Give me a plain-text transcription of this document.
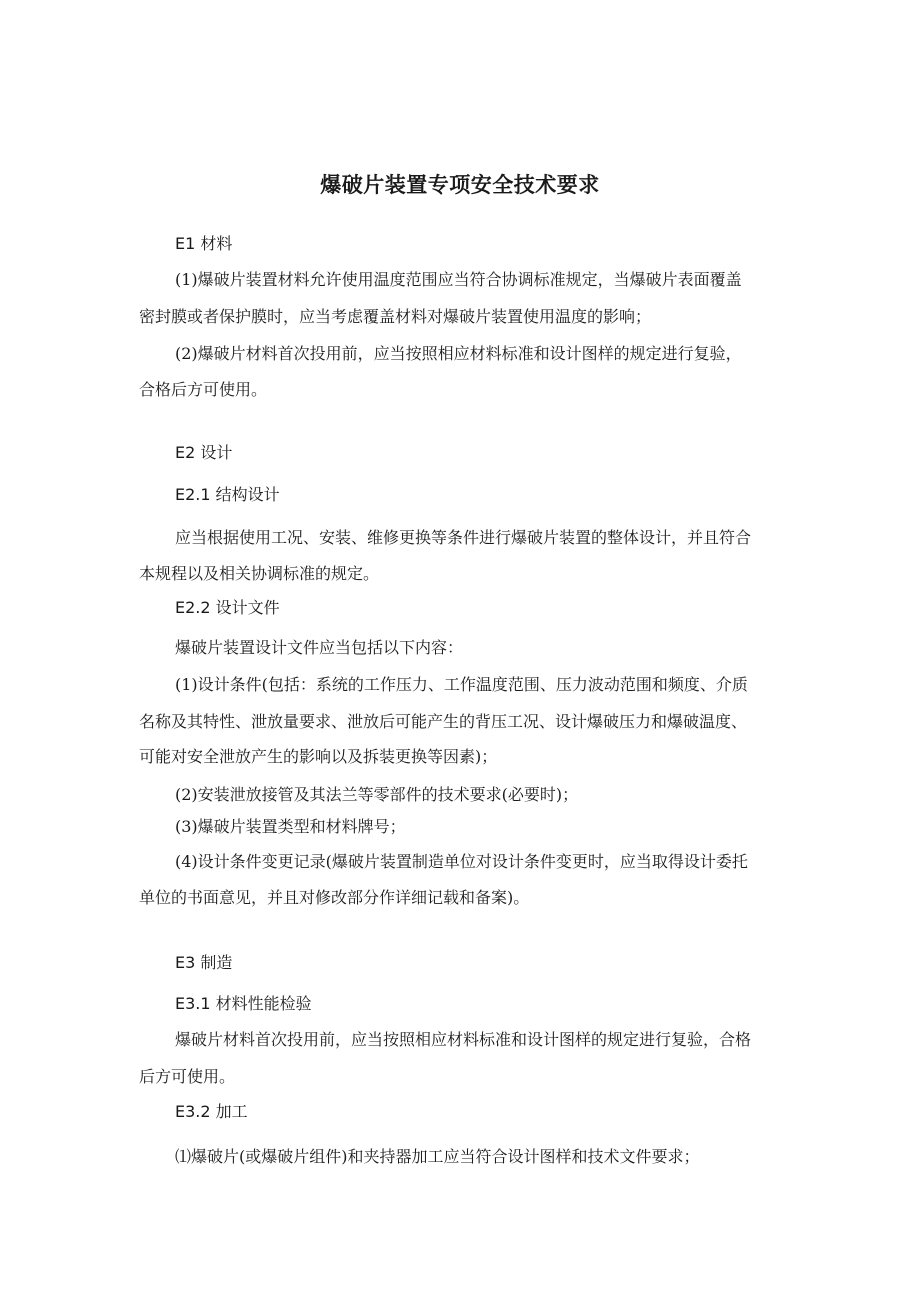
爆破片装置专项安全技术要求
E1 材料
(1)爆破片装置材料允许使用温度范围应当符合协调标准规定，当爆破片表面覆盖
密封膜或者保护膜时，应当考虑覆盖材料对爆破片装置使用温度的影响；
(2)爆破片材料首次投用前，应当按照相应材料标准和设计图样的规定进行复验，
合格后方可使用。
E2 设计
E2.1 结构设计
应当根据使用工况、安装、维修更换等条件进行爆破片装置的整体设计，并且符合
本规程以及相关协调标准的规定。
E2.2 设计文件
爆破片装置设计文件应当包括以下内容：
(1)设计条件(包括：系统的工作压力、工作温度范围、压力波动范围和频度、介质
名称及其特性、泄放量要求、泄放后可能产生的背压工况、设计爆破压力和爆破温度、
可能对安全泄放产生的影响以及拆装更换等因素)；
(2)安装泄放接管及其法兰等零部件的技术要求(必要时)；
(3)爆破片装置类型和材料牌号；
(4)设计条件变更记录(爆破片装置制造单位对设计条件变更时，应当取得设计委托
单位的书面意见，并且对修改部分作详细记载和备案)。
E3 制造
E3.1 材料性能检验
爆破片材料首次投用前，应当按照相应材料标准和设计图样的规定进行复验，合格
后方可使用。
E3.2 加工
⑴爆破片(或爆破片组件)和夹持器加工应当符合设计图样和技术文件要求；
